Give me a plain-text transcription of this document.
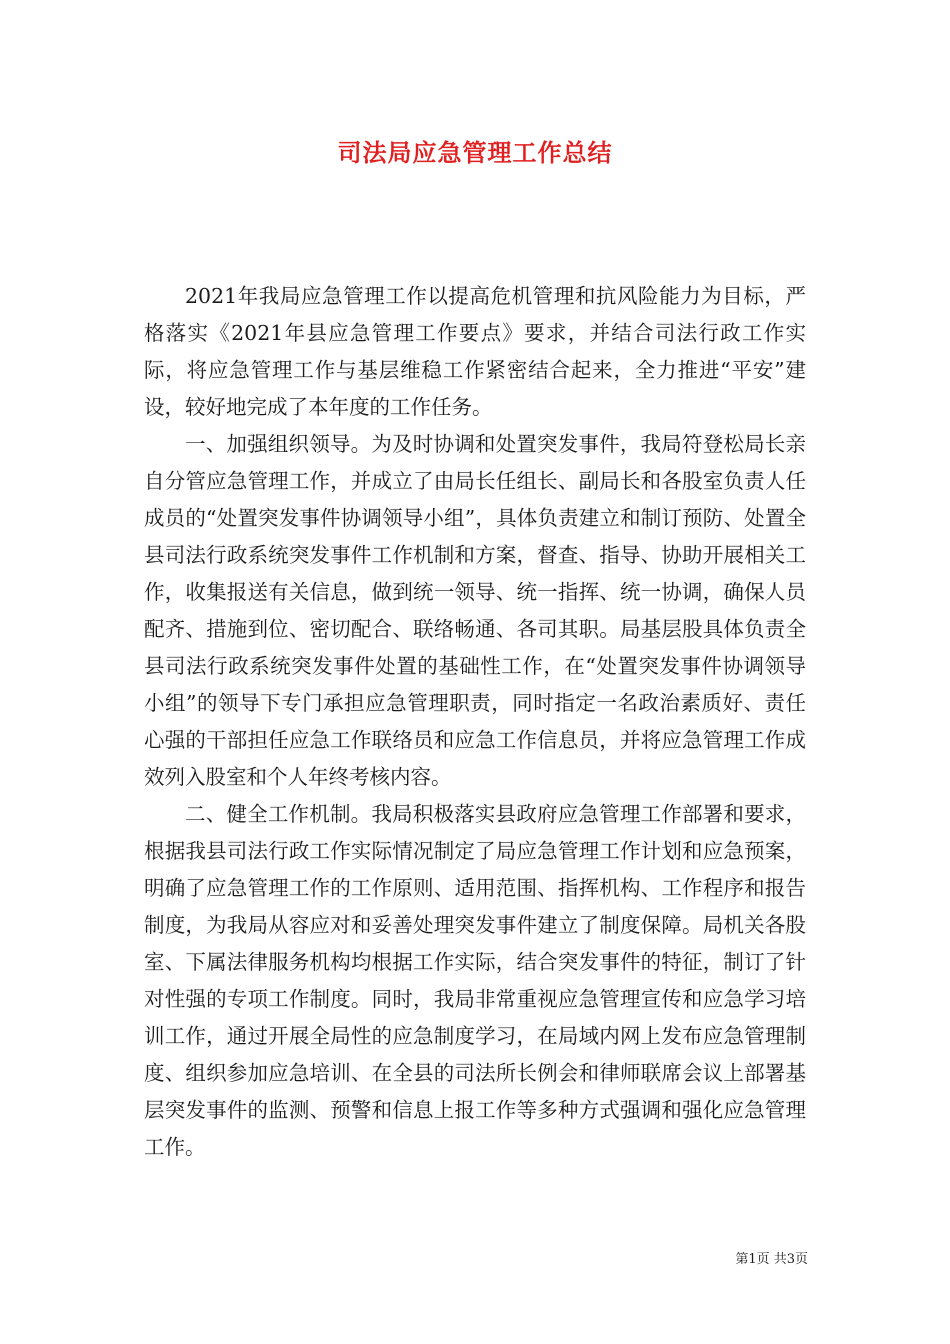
司法局应急管理工作总结

2021年我局应急管理工作以提高危机管理和抗风险能力为目标，严格落实《2021年县应急管理工作要点》要求，并结合司法行政工作实际，将应急管理工作与基层维稳工作紧密结合起来，全力推进“平安”建设，较好地完成了本年度的工作任务。

一、加强组织领导。为及时协调和处置突发事件，我局符登松局长亲自分管应急管理工作，并成立了由局长任组长、副局长和各股室负责人任成员的“处置突发事件协调领导小组”，具体负责建立和制订预防、处置全县司法行政系统突发事件工作机制和方案，督查、指导、协助开展相关工作，收集报送有关信息，做到统一领导、统一指挥、统一协调，确保人员配齐、措施到位、密切配合、联络畅通、各司其职。局基层股具体负责全县司法行政系统突发事件处置的基础性工作，在“处置突发事件协调领导小组”的领导下专门承担应急管理职责，同时指定一名政治素质好、责任心强的干部担任应急工作联络员和应急工作信息员，并将应急管理工作成效列入股室和个人年终考核内容。

二、健全工作机制。我局积极落实县政府应急管理工作部署和要求，根据我县司法行政工作实际情况制定了局应急管理工作计划和应急预案，明确了应急管理工作的工作原则、适用范围、指挥机构、工作程序和报告制度，为我局从容应对和妥善处理突发事件建立了制度保障。局机关各股室、下属法律服务机构均根据工作实际，结合突发事件的特征，制订了针对性强的专项工作制度。同时，我局非常重视应急管理宣传和应急学习培训工作，通过开展全局性的应急制度学习，在局域内网上发布应急管理制度、组织参加应急培训、在全县的司法所长例会和律师联席会议上部署基层突发事件的监测、预警和信息上报工作等多种方式强调和强化应急管理工作。

第1页 共3页
